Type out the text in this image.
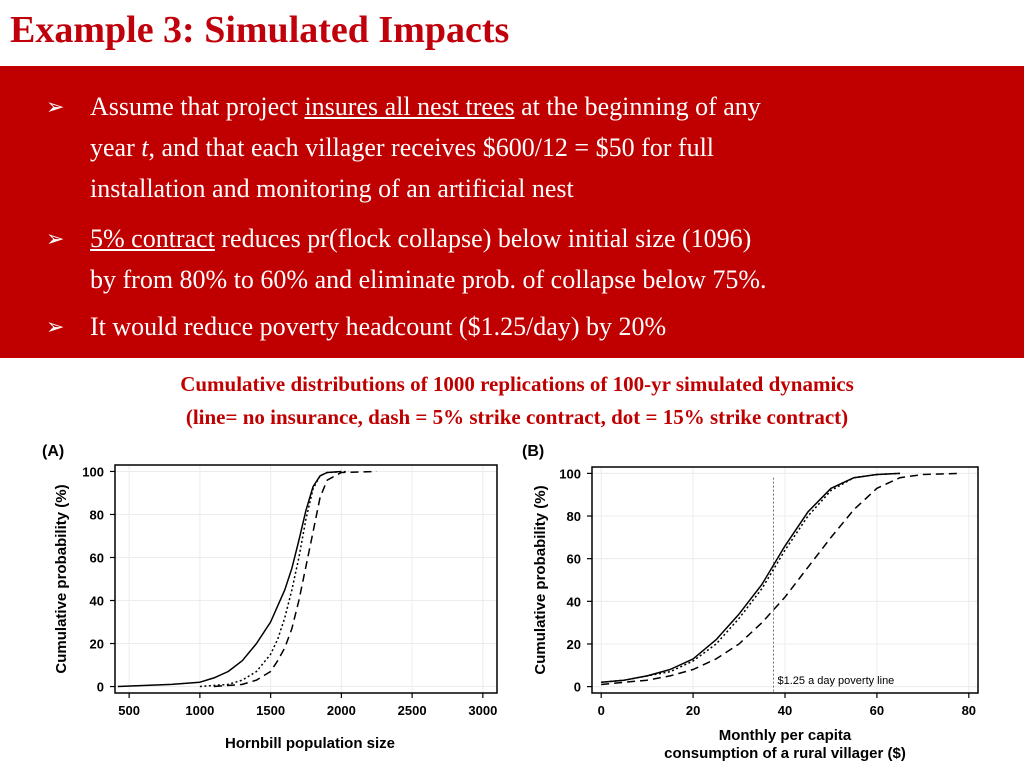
Example 3: Simulated Impacts
➢ Assume that project insures all nest trees at the beginning of any
year t, and that each villager receives $600/12 = $50 for full
installation and monitoring of an artificial nest
➢ 5% contract reduces pr(flock collapse) below initial size (1096)
by from 80% to 60% and eliminate prob. of collapse below 75%.
➢ It would reduce poverty headcount ($1.25/day) by 20%
Cumulative distributions of 1000 replications of 100-yr simulated dynamics
(line= no insurance, dash = 5% strike contract, dot = 15% strike contract)
500	1000	1500	2000	2500	3000
0
20
40
60
80
100
(A)
Cumulative probability (%)
Hornbill population size
0	20	40	60	80
0
20
40
60
80
100
(B)
Cumulative probability (%)
Monthly per capita consumption of a rural villager ($)
$1.25 a day poverty line
